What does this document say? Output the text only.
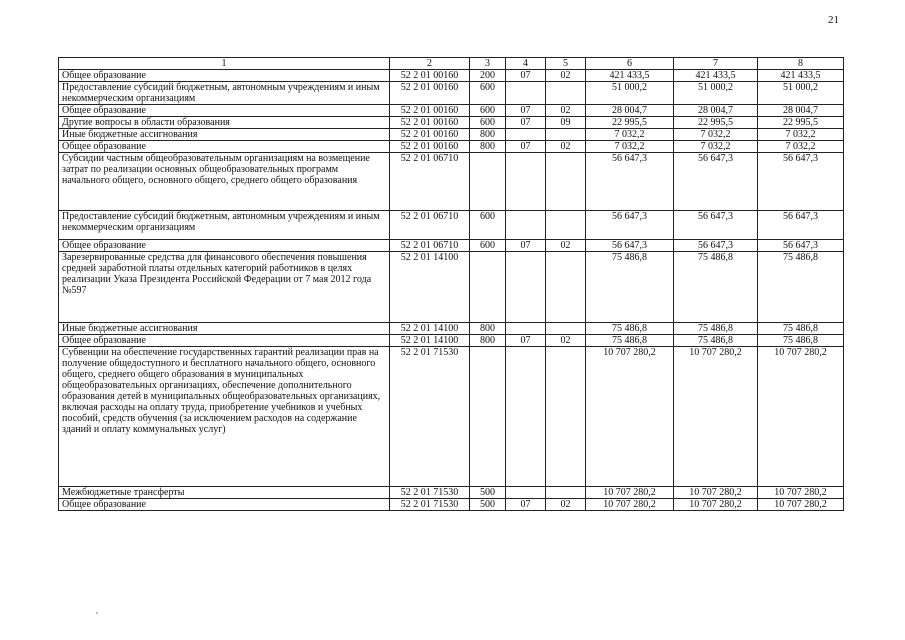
21
1	2	3	4	5	6	7	8
Общее образование	52 2 01 00160	200	07	02	421 433,5	421 433,5	421 433,5
Предоставление субсидий бюджетным, автономным учреждениям и иным некоммерческим организациям	52 2 01 00160	600			51 000,2	51 000,2	51 000,2
Общее образование	52 2 01 00160	600	07	02	28 004,7	28 004,7	28 004,7
Другие вопросы в области образования	52 2 01 00160	600	07	09	22 995,5	22 995,5	22 995,5
Иные бюджетные ассигнования	52 2 01 00160	800			7 032,2	7 032,2	7 032,2
Общее образование	52 2 01 00160	800	07	02	7 032,2	7 032,2	7 032,2
Субсидии частным общеобразовательным организациям на возмещение затрат по реализации основных общеобразовательных программ начального общего, основного общего, среднего общего образования	52 2 01 06710				56 647,3	56 647,3	56 647,3
Предоставление субсидий бюджетным, автономным учреждениям и иным некоммерческим организациям	52 2 01 06710	600			56 647,3	56 647,3	56 647,3
Общее образование	52 2 01 06710	600	07	02	56 647,3	56 647,3	56 647,3
Зарезервированные средства для финансового обеспечения повышения средней заработной платы отдельных категорий работников в целях реализации Указа Президента Российской Федерации от 7 мая 2012 года №597	52 2 01 14100				75 486,8	75 486,8	75 486,8
Иные бюджетные ассигнования	52 2 01 14100	800			75 486,8	75 486,8	75 486,8
Общее образование	52 2 01 14100	800	07	02	75 486,8	75 486,8	75 486,8
Субвенции на обеспечение государственных гарантий реализации прав на получение общедоступного и бесплатного начального общего, основного общего, среднего общего образования в муниципальных общеобразовательных организациях, обеспечение дополнительного образования детей в муниципальных общеобразовательных организациях, включая расходы на оплату труда, приобретение учебников и учебных пособий, средств обучения (за исключением расходов на содержание зданий и оплату коммунальных услуг)	52 2 01 71530				10 707 280,2	10 707 280,2	10 707 280,2
Межбюджетные трансферты	52 2 01 71530	500			10 707 280,2	10 707 280,2	10 707 280,2
Общее образование	52 2 01 71530	500	07	02	10 707 280,2	10 707 280,2	10 707 280,2
